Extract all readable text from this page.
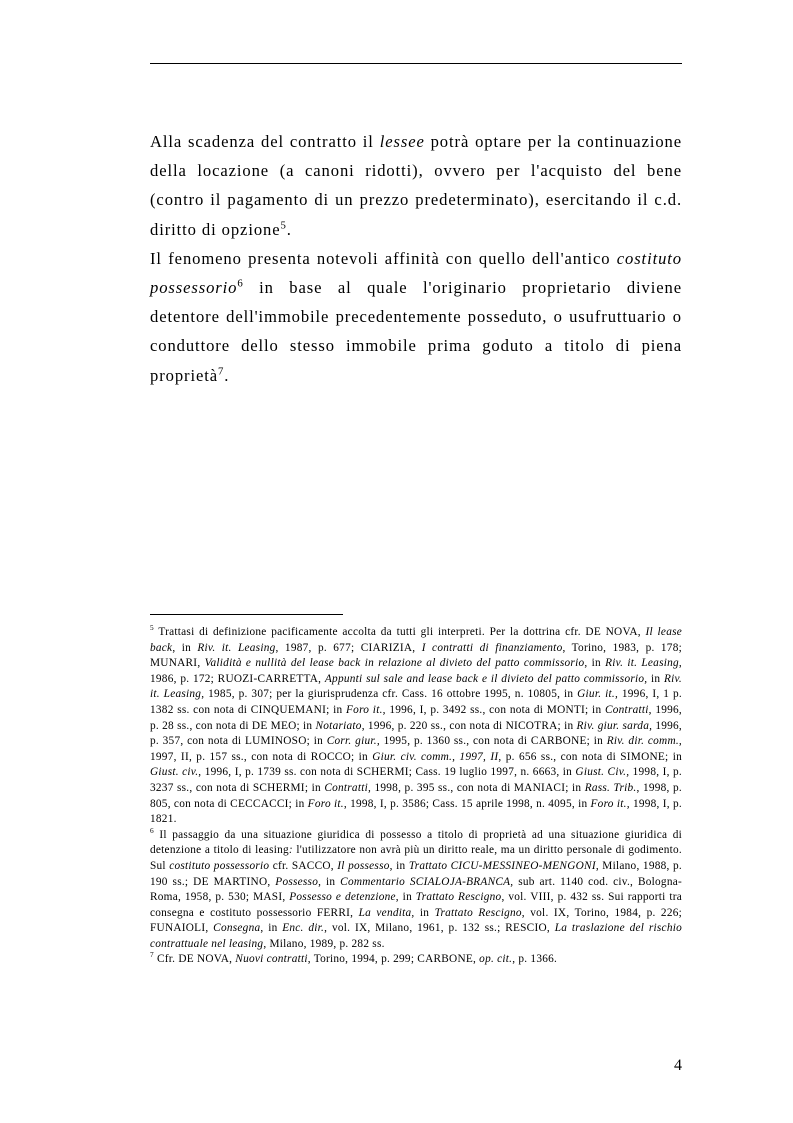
Alla scadenza del contratto il lessee potrà optare per la continuazione della locazione (a canoni ridotti), ovvero per l'acquisto del bene (contro il pagamento di un prezzo predeterminato), esercitando il c.d. diritto di opzione$^5$.

Il fenomeno presenta notevoli affinità con quello dell'antico costituto possessorio$^6$ in base al quale l'originario proprietario diviene detentore dell'immobile precedentemente posseduto, o usufruttuario o conduttore dello stesso immobile prima goduto a titolo di piena proprietà$^7$.

$^5$ Trattasi di definizione pacificamente accolta da tutti gli interpreti. Per la dottrina cfr. DE NOVA, Il lease back, in Riv. it. Leasing, 1987, p. 677; CIARIZIA, I contratti di finanziamento, Torino, 1983, p. 178; MUNARI, Validità e nullità del lease back in relazione al divieto del patto commissorio, in Riv. it. Leasing, 1986, p. 172; RUOZI-CARRETTA, Appunti sul sale and lease back e il divieto del patto commissorio, in Riv. it. Leasing, 1985, p. 307; per la giurisprudenza cfr. Cass. 16 ottobre 1995, n. 10805, in Giur. it., 1996, I, 1 p. 1382 ss. con nota di CINQUEMANI; in Foro it., 1996, I, p. 3492 ss., con nota di MONTI; in Contratti, 1996, p. 28 ss., con nota di DE MEO; in Notariato, 1996, p. 220 ss., con nota di NICOTRA; in Riv. giur. sarda, 1996, p. 357, con nota di LUMINOSO; in Corr. giur., 1995, p. 1360 ss., con nota di CARBONE; in Riv. dir. comm., 1997, II, p. 157 ss., con nota di ROCCO; in Giur. civ. comm., 1997, II, p. 656 ss., con nota di SIMONE; in Giust. civ., 1996, I, p. 1739 ss. con nota di SCHERMI; Cass. 19 luglio 1997, n. 6663, in Giust. Civ., 1998, I, p. 3237 ss., con nota di SCHERMI; in Contratti, 1998, p. 395 ss., con nota di MANIACI; in Rass. Trib., 1998, p. 805, con nota di CECCACCI; in Foro it., 1998, I, p. 3586; Cass. 15 aprile 1998, n. 4095, in Foro it., 1998, I, p. 1821.

$^6$ Il passaggio da una situazione giuridica di possesso a titolo di proprietà ad una situazione giuridica di detenzione a titolo di leasing: l'utilizzatore non avrà più un diritto reale, ma un diritto personale di godimento. Sul costituto possessorio cfr. SACCO, Il possesso, in Trattato CICU-MESSINEO-MENGONI, Milano, 1988, p. 190 ss.; DE MARTINO, Possesso, in Commentario SCIALOJA-BRANCA, sub art. 1140 cod. civ., Bologna-Roma, 1958, p. 530; MASI, Possesso e detenzione, in Trattato Rescigno, vol. VIII, p. 432 ss. Sui rapporti tra consegna e costituto possessorio FERRI, La vendita, in Trattato Rescigno, vol. IX, Torino, 1984, p. 226; FUNAIOLI, Consegna, in Enc. dir., vol. IX, Milano, 1961, p. 132 ss.; RESCIO, La traslazione del rischio contrattuale nel leasing, Milano, 1989, p. 282 ss.

$^7$ Cfr. DE NOVA, Nuovi contratti, Torino, 1994, p. 299; CARBONE, op. cit., p. 1366.

4
